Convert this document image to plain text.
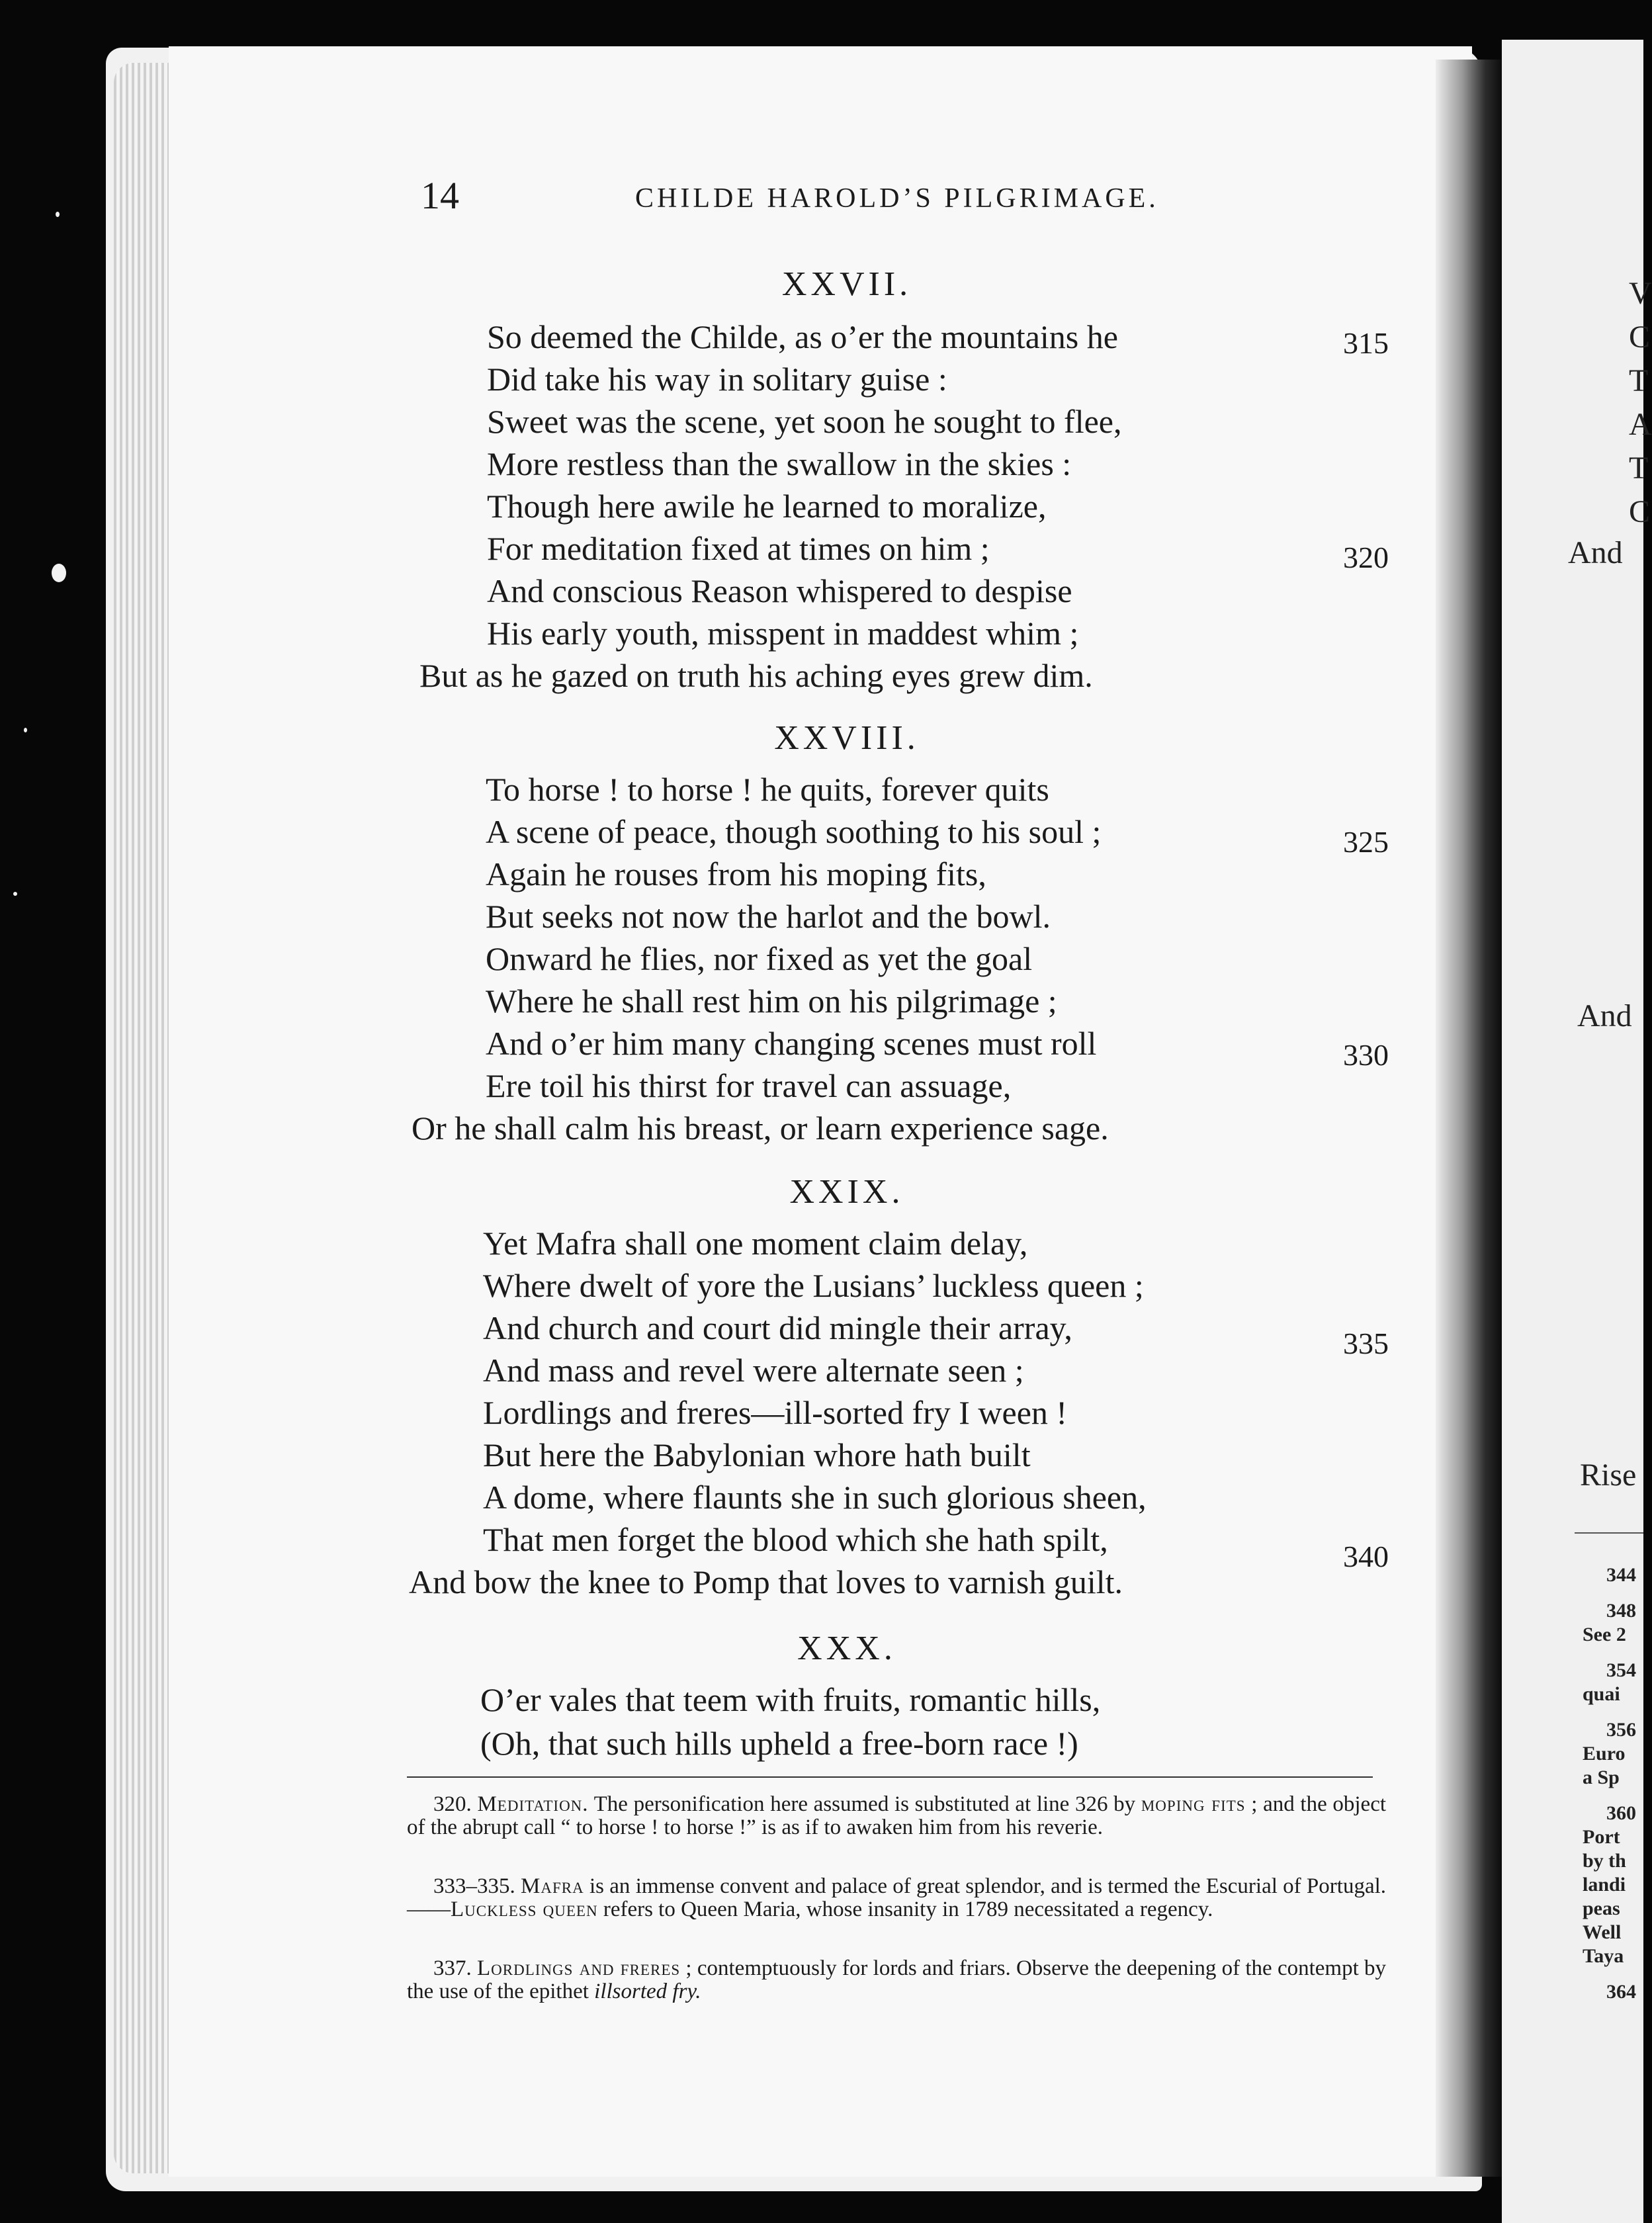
14	CHILDE HAROLD’S PILGRIMAGE.
XXVII.
So deemed the Childe, as o’er the mountains he
Did take his way in solitary guise :
Sweet was the scene, yet soon he sought to flee,
More restless than the swallow in the skies :
Though here awile he learned to moralize,
For meditation fixed at times on him ;
And conscious Reason whispered to despise
His early youth, misspent in maddest whim ;
But as he gazed on truth his aching eyes grew dim.
XXVIII.
To horse ! to horse ! he quits, forever quits
A scene of peace, though soothing to his soul ;
Again he rouses from his moping fits,
But seeks not now the harlot and the bowl.
Onward he flies, nor fixed as yet the goal
Where he shall rest him on his pilgrimage ;
And o’er him many changing scenes must roll
Ere toil his thirst for travel can assuage,
Or he shall calm his breast, or learn experience sage.
XXIX.
Yet Mafra shall one moment claim delay,
Where dwelt of yore the Lusians’ luckless queen ;
And church and court did mingle their array,
And mass and revel were alternate seen ;
Lordlings and freres—ill-sorted fry I ween !
But here the Babylonian whore hath built
A dome, where flaunts she in such glorious sheen,
That men forget the blood which she hath spilt,
And bow the knee to Pomp that loves to varnish guilt.
XXX.
O’er vales that teem with fruits, romantic hills,
(Oh, that such hills upheld a free-born race !)
315
320
325
330
335
340

320. Meditation. The personification here assumed is substituted at line 326 by moping fits ; and the object of the abrupt call “ to horse ! to horse !” is as if to awaken him from his reverie.

333–335. Mafra is an immense convent and palace of great splendor, and is termed the Escurial of Portugal.——Luckless queen refers to Queen Maria, whose insanity in 1789 necessitated a regency.

337. Lordlings and freres ; contemptuously for lords and friars. Observe the deepening of the contempt by the use of the epithet illsorted fry.

V
C
T
A
T
C
And
And
Rise
344
348
See 2
354
quai
356
Euro
a Sp
360
Port
by th
landi
peas
Well
Taya
364
